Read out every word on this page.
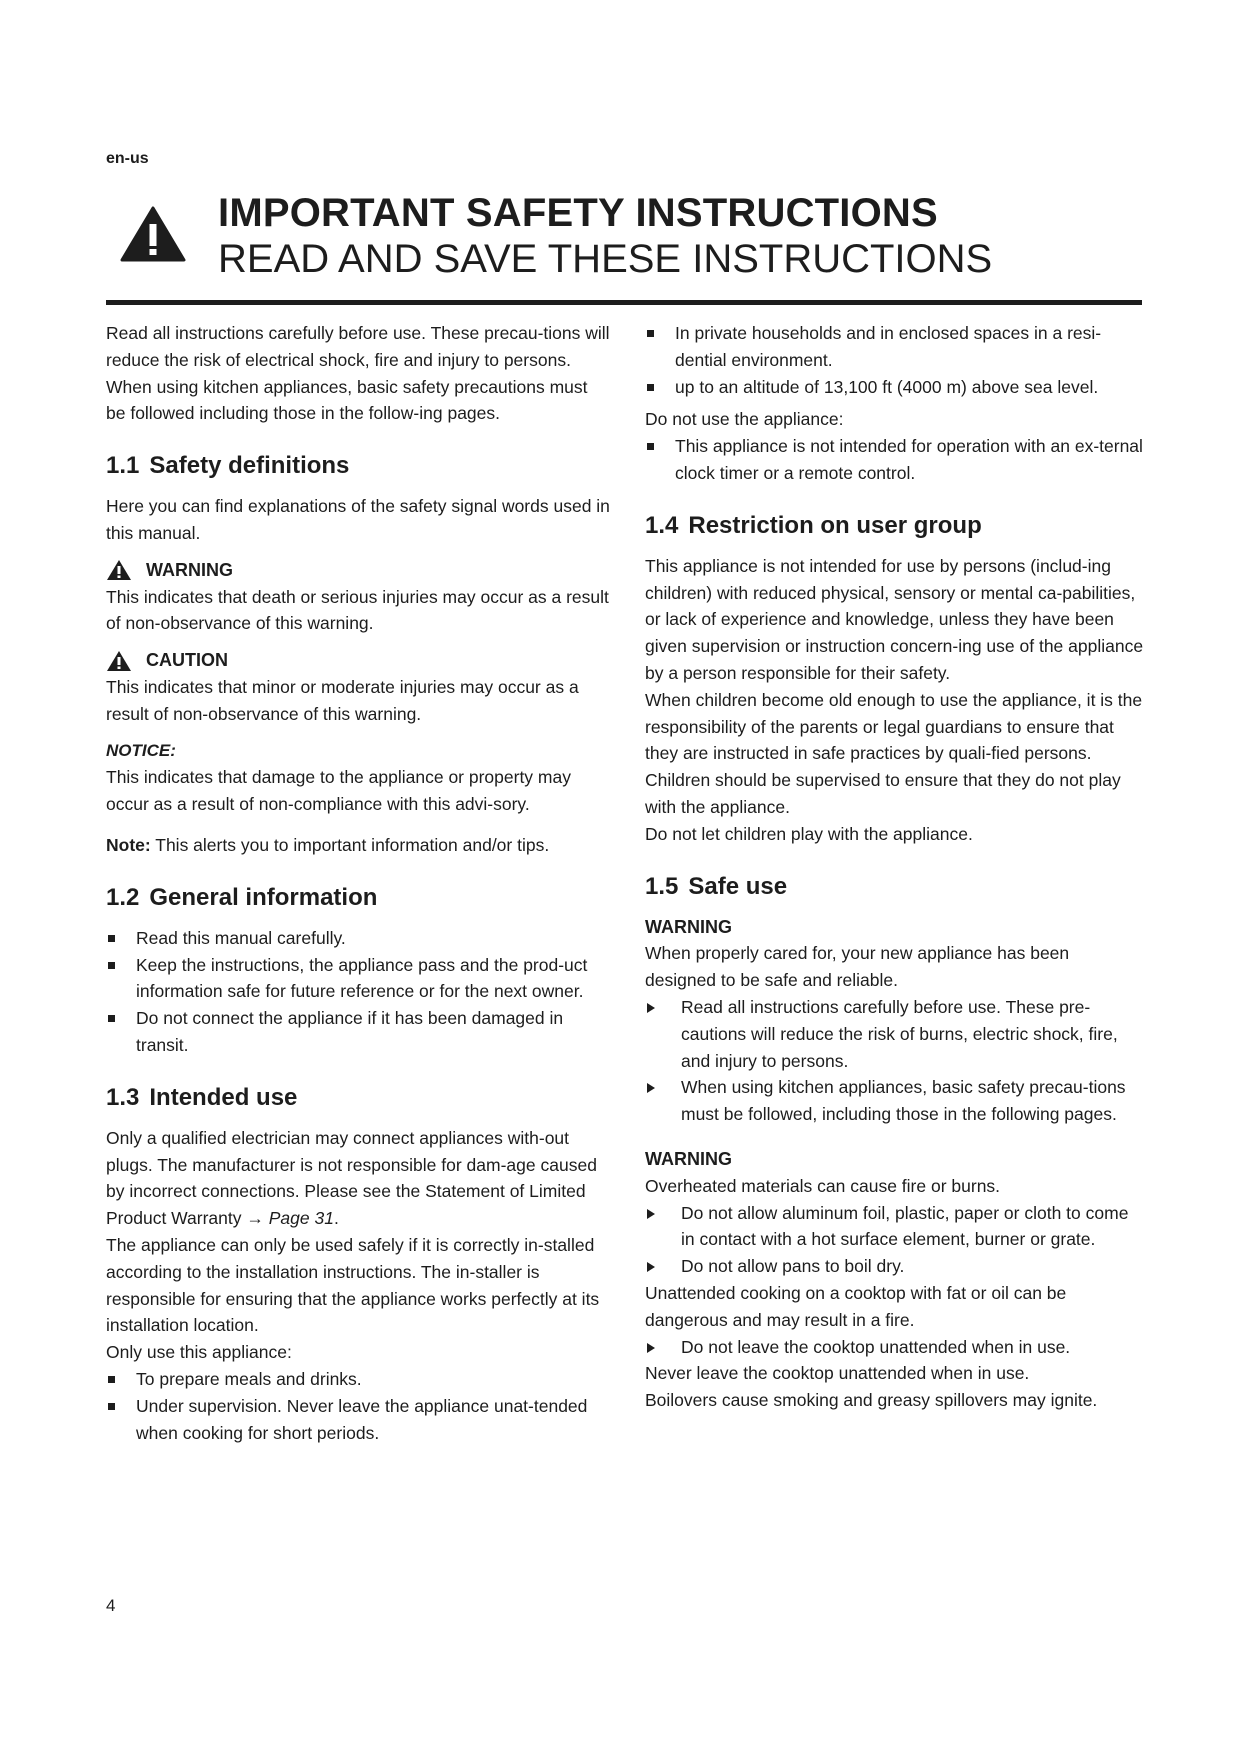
en-us
IMPORTANT SAFETY INSTRUCTIONS
READ AND SAVE THESE INSTRUCTIONS

Read all instructions carefully before use. These precau-tions will reduce the risk of electrical shock, fire and injury to persons. When using kitchen appliances, basic safety precautions must be followed including those in the follow-ing pages.

1.1 Safety definitions

Here you can find explanations of the safety signal words used in this manual.

WARNING

This indicates that death or serious injuries may occur as a result of non-observance of this warning.

CAUTION

This indicates that minor or moderate injuries may occur as a result of non-observance of this warning.

NOTICE:

This indicates that damage to the appliance or property may occur as a result of non-compliance with this advi-sory.

Note: This alerts you to important information and/or tips.

1.2 General information
Read this manual carefully.
Keep the instructions, the appliance pass and the prod-uct information safe for future reference or for the next owner.
Do not connect the appliance if it has been damaged in transit.
1.3 Intended use

Only a qualified electrician may connect appliances with-out plugs. The manufacturer is not responsible for dam-age caused by incorrect connections. Please see the Statement of Limited Product Warranty → Page 31.

The appliance can only be used safely if it is correctly in-stalled according to the installation instructions. The in-staller is responsible for ensuring that the appliance works perfectly at its installation location.

Only use this appliance:

To prepare meals and drinks.
Under supervision. Never leave the appliance unat-tended when cooking for short periods.
In private households and in enclosed spaces in a resi-dential environment.
up to an altitude of 13,100 ft (4000 m) above sea level.

Do not use the appliance:

This appliance is not intended for operation with an ex-ternal clock timer or a remote control.
1.4 Restriction on user group

This appliance is not intended for use by persons (includ-ing children) with reduced physical, sensory or mental ca-pabilities, or lack of experience and knowledge, unless they have been given supervision or instruction concern-ing use of the appliance by a person responsible for their safety.

When children become old enough to use the appliance, it is the responsibility of the parents or legal guardians to ensure that they are instructed in safe practices by quali-fied persons.

Children should be supervised to ensure that they do not play with the appliance.

Do not let children play with the appliance.

1.5 Safe use
WARNING

When properly cared for, your new appliance has been designed to be safe and reliable.

Read all instructions carefully before use. These pre-cautions will reduce the risk of burns, electric shock, fire, and injury to persons.
When using kitchen appliances, basic safety precau-tions must be followed, including those in the following pages.
WARNING

Overheated materials can cause fire or burns.

Do not allow aluminum foil, plastic, paper or cloth to come in contact with a hot surface element, burner or grate.
Do not allow pans to boil dry.

Unattended cooking on a cooktop with fat or oil can be dangerous and may result in a fire.

Do not leave the cooktop unattended when in use.

Never leave the cooktop unattended when in use.

Boilovers cause smoking and greasy spillovers may ignite.

4
